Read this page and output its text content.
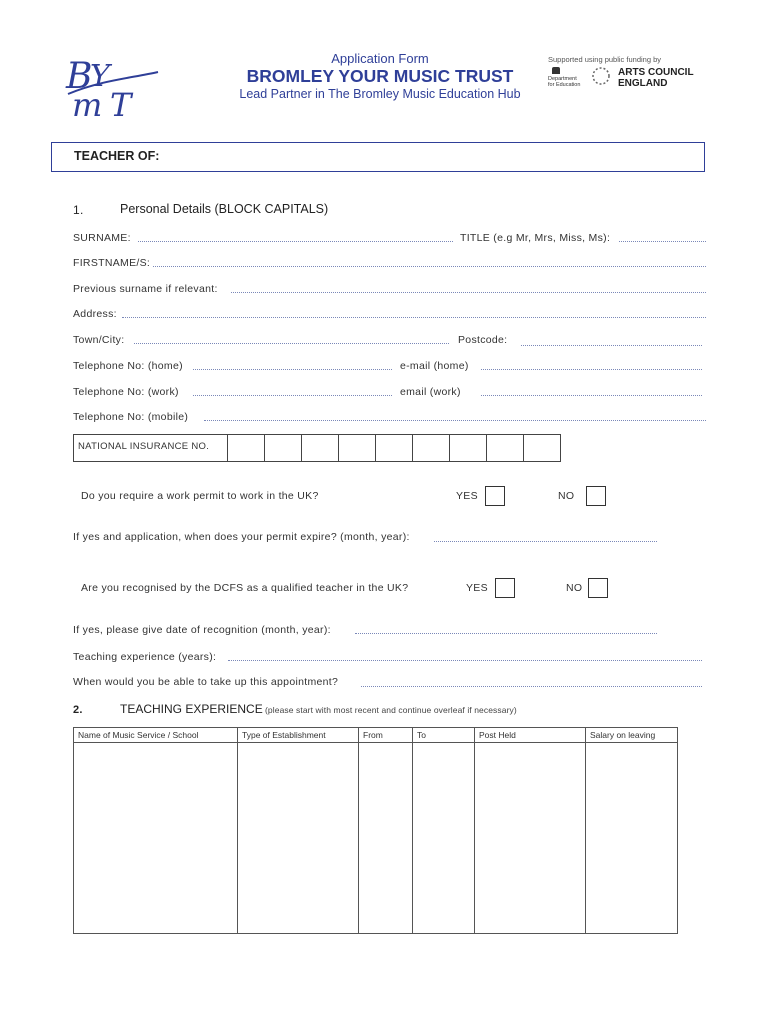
B
Y
m T
Application Form
BROMLEY YOUR MUSIC TRUST
Lead Partner in The Bromley Music Education Hub
Supported using public funding by
Department
for Education
ARTS COUNCIL
ENGLAND
TEACHER OF:
1.	Personal Details (BLOCK CAPITALS)
SURNAME:	TITLE (e.g Mr, Mrs, Miss, Ms):
FIRSTNAME/S:
Previous surname if relevant:
Address:
Town/City:	Postcode:
Telephone No: (home)	e-mail (home)
Telephone No: (work)	email (work)
Telephone No: (mobile)
NATIONAL INSURANCE NO.
Do you require a work permit to work in the UK?	YES	NO
If yes and application, when does your permit expire? (month, year):
Are you recognised by the DCFS as a qualified teacher in the UK?	YES	NO
If yes, please give date of recognition (month, year):
Teaching experience (years):
When would you be able to take up this appointment?
2.	TEACHING EXPERIENCE (please start with most recent and continue overleaf if necessary)
Name of Music Service / School	Type of Establishment	From	To	Post Held	Salary on leaving
